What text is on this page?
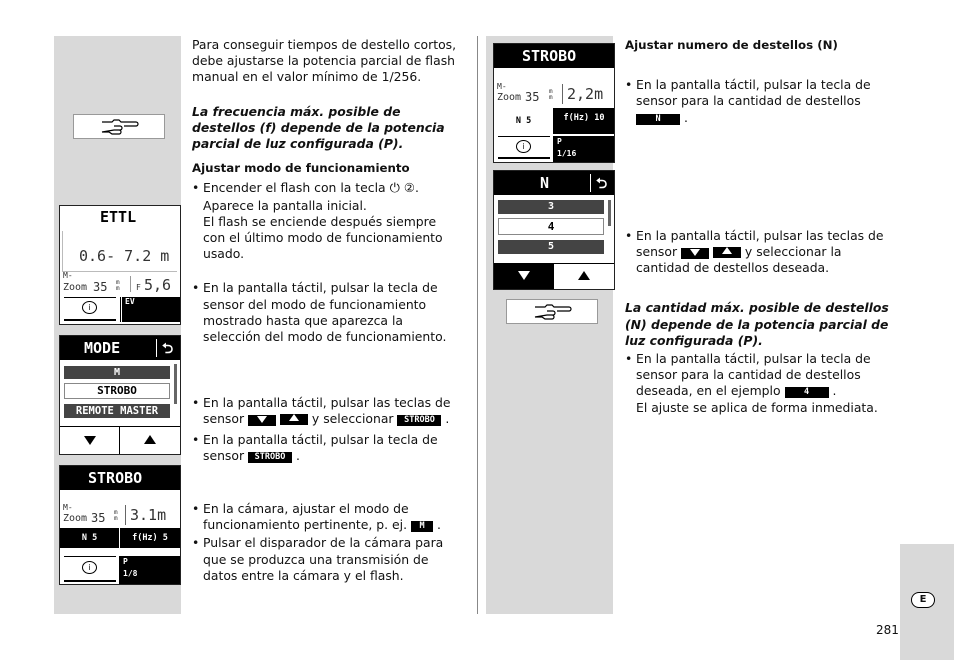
E
281
ETTL
0.6- 7.2 m
M-
Zoom 35 mm F 5,6
i
EV
MODE	⮌
M
STROBO
REMOTE MASTER
STROBO
M-
Zoom 35 mm 3.1m
N 5	f(Hz) 5
i
P
1/8
STROBO
M-
Zoom 35 mm 2,2m
N 5	f(Hz) 10
i
P
1/16
N	⮌
3
4
5
Para conseguir tiempos de destello cortos, debe ajustarse la potencia parcial de flash manual en el valor mínimo de 1/256.
La frecuencia máx. posible de destellos (f) depende de la potencia parcial de luz configurada (P).
Ajustar modo de funcionamiento
• Encender el flash con la tecla ⏻ ②.
Aparece la pantalla inicial.
El flash se enciende después siempre con el último modo de funcionamiento usado.
• En la pantalla táctil, pulsar la tecla de sensor del modo de funcionamiento mostrado hasta que aparezca la selección del modo de funcionamiento.
• En la pantalla táctil, pulsar las teclas de sensor	y seleccionar STROBO .
• En la pantalla táctil, pulsar la tecla de sensor STROBO .
• En la cámara, ajustar el modo de funcionamiento pertinente, p. ej. M .
• Pulsar el disparador de la cámara para que se produzca una transmisión de datos entre la cámara y el flash.
Ajustar numero de destellos (N)
• En la pantalla táctil, pulsar la tecla de sensor para la cantidad de destellos N .
• En la pantalla táctil, pulsar las teclas de sensor	y seleccionar la cantidad de destellos deseada.
La cantidad máx. posible de destellos (N) depende de la potencia parcial de luz configurada (P).
• En la pantalla táctil, pulsar la tecla de sensor para la cantidad de destellos deseada, en el ejemplo	4 .
El ajuste se aplica de forma inmediata.
